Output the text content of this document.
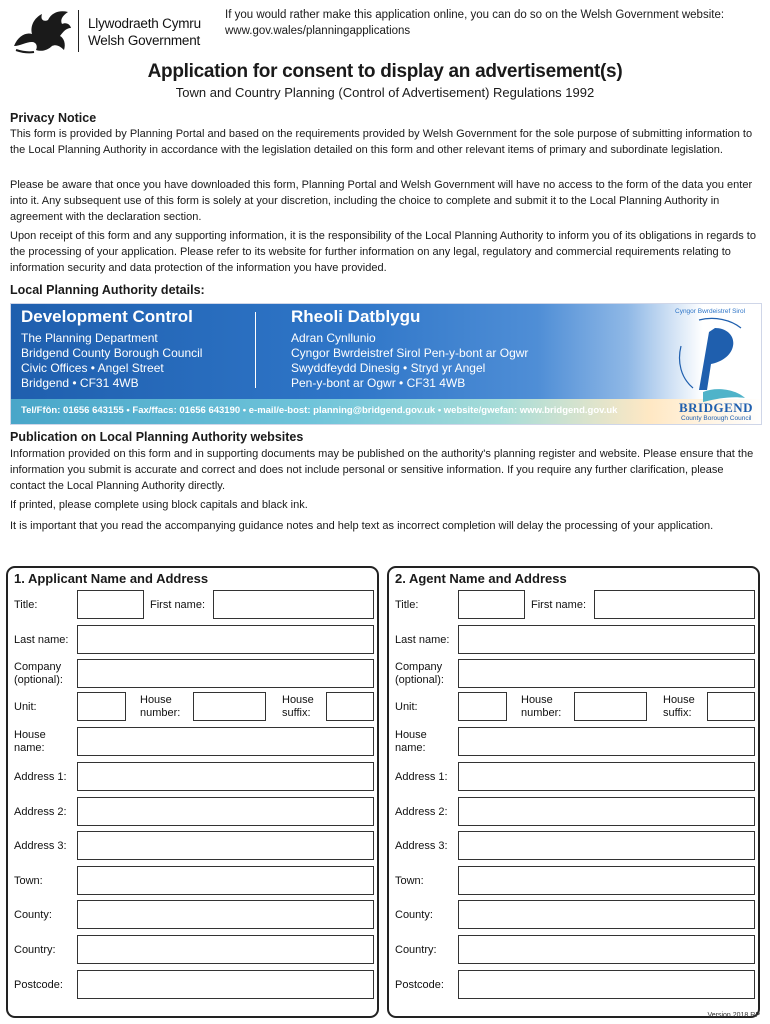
Llywodraeth Cymru
Welsh Government
If you would rather make this application online, you can do so on the Welsh Government website:
www.gov.wales/planningapplications
Application for consent to display an advertisement(s)
Town and Country Planning (Control of Advertisement) Regulations 1992
Privacy Notice
This form is provided by Planning Portal and based on the requirements provided by Welsh Government for the sole purpose of submitting information to the Local Planning Authority in accordance with the legislation detailed on this form and other relevant items of primary and subordinate legislation.
Please be aware that once you have downloaded this form, Planning Portal and Welsh Government will have no access to the form of the data you enter into it. Any subsequent use of this form is solely at your discretion, including the choice to complete and submit it to the Local Planning Authority in agreement with the declaration section.
Upon receipt of this form and any supporting information, it is the responsibility of the Local Planning Authority to inform you of its obligations in regards to the processing of your application. Please refer to its website for further information on any legal, regulatory and commercial requirements relating to information security and data protection of the information you have provided.
Local Planning Authority details:
Development Control
The Planning Department
Bridgend County Borough Council
Civic Offices • Angel Street
Bridgend • CF31 4WB
Rheoli Datblygu
Adran Cynllunio
Cyngor Bwrdeistref Sirol Pen-y-bont ar Ogwr
Swyddfeydd Dinesig • Stryd yr Angel
Pen-y-bont ar Ogwr • CF31 4WB
Tel/Ffôn: 01656 643155 • Fax/ffacs: 01656 643190 • e-mail/e-bost: planning@bridgend.gov.uk • website/gwefan: www.bridgend.gov.uk
Cyngor Bwrdeistref Sirol
BRIDGEND
County Borough Council
Publication on Local Planning Authority websites
Information provided on this form and in supporting documents may be published on the authority's planning register and website. Please ensure that the information you submit is accurate and correct and does not include personal or sensitive information. If you require any further clarification, please contact the Local Planning Authority directly.
If printed, please complete using block capitals and black ink.
It is important that you read the accompanying guidance notes and help text as incorrect completion will delay the processing of your application.
1. Applicant Name and Address
Title:	First name:
Last name:
Company (optional):
Unit:
House number:
House suffix:
House name:
Address 1:
Address 2:
Address 3:
Town:
County:
Country:
Postcode:
2. Agent Name and Address
Title:	First name:
Last name:
Company (optional):
Unit:
House number:
House suffix:
House name:
Address 1:
Address 2:
Address 3:
Town:
County:
Country:
Postcode:
Version 2018 RP
